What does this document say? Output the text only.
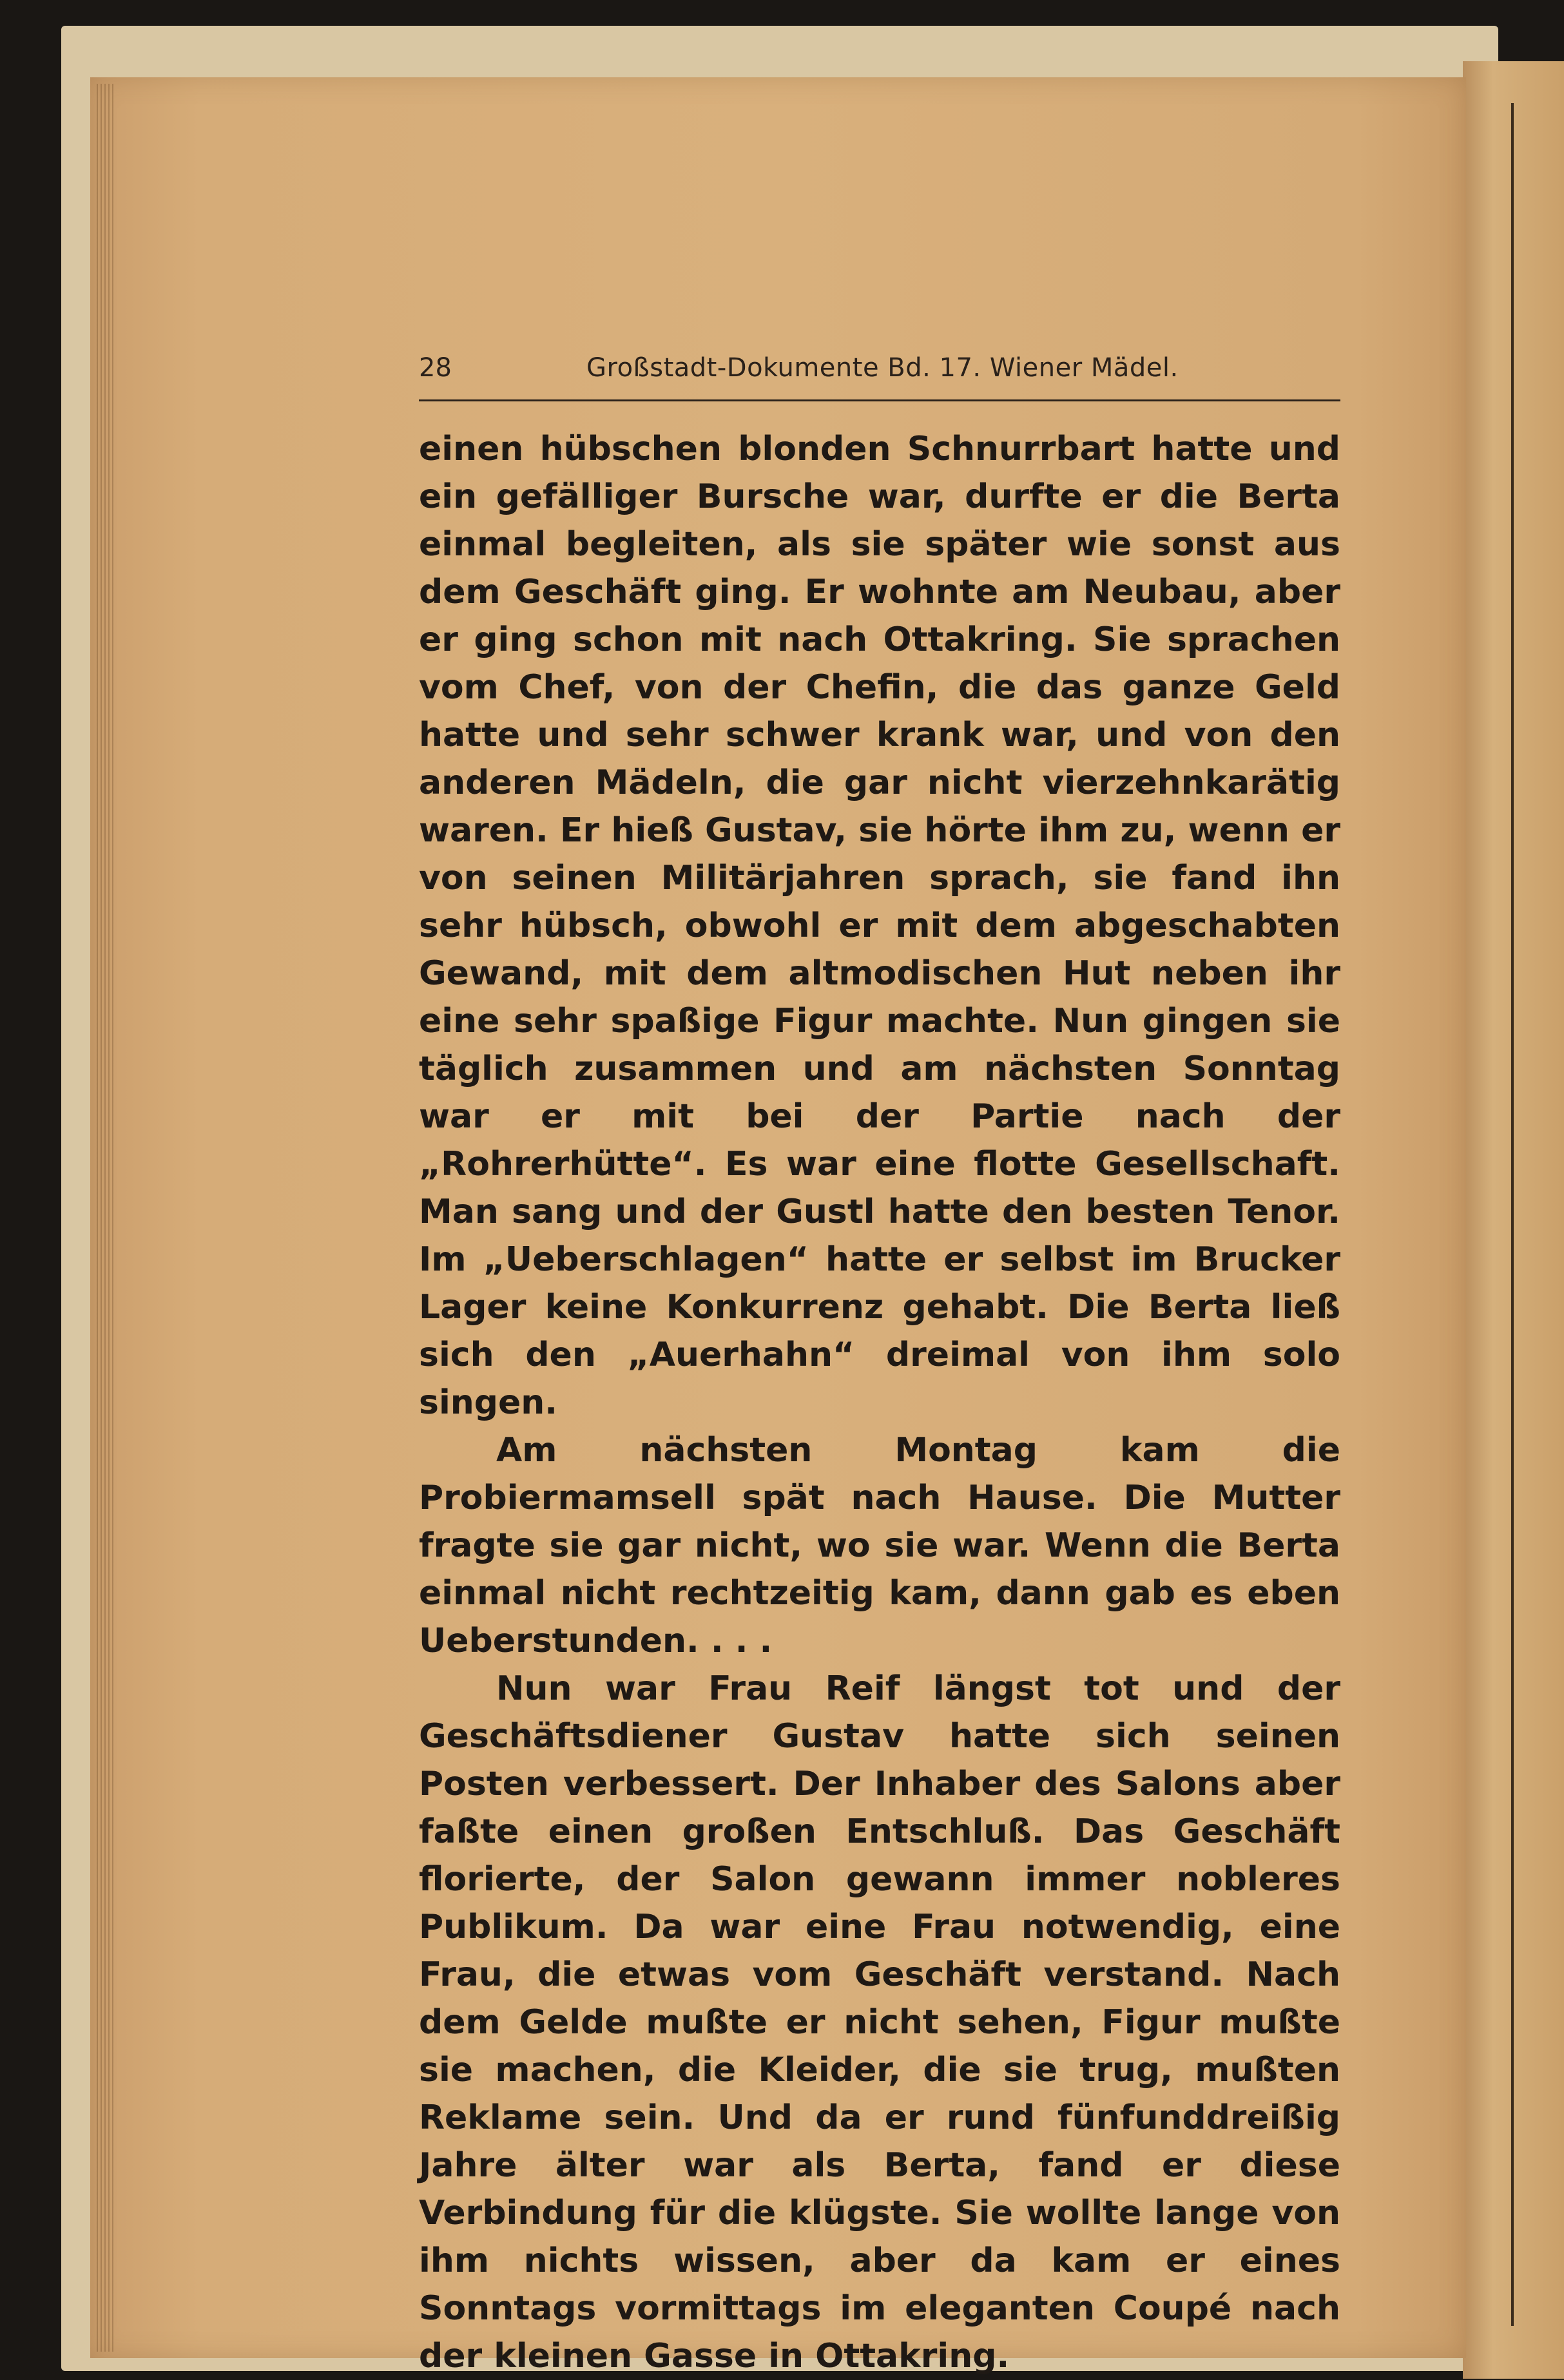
28	Großstadt-Dokumente Bd. 17. Wiener Mädel.

einen hübschen blonden Schnurrbart hatte und ein gefälliger Bursche war, durfte er die Berta einmal begleiten, als sie später wie sonst aus dem Geschäft ging. Er wohnte am Neubau, aber er ging schon mit nach Ottakring. Sie sprachen vom Chef, von der Chefin, die das ganze Geld hatte und sehr schwer krank war, und von den anderen Mädeln, die gar nicht vierzehnkarätig waren. Er hieß Gustav, sie hörte ihm zu, wenn er von seinen Militärjahren sprach, sie fand ihn sehr hübsch, obwohl er mit dem abgeschabten Gewand, mit dem altmodischen Hut neben ihr eine sehr spaßige Figur machte. Nun gingen sie täglich zusammen und am nächsten Sonntag war er mit bei der Partie nach der „Rohrerhütte“. Es war eine flotte Gesellschaft. Man sang und der Gustl hatte den besten Tenor. Im „Ueberschlagen“ hatte er selbst im Brucker Lager keine Konkurrenz gehabt. Die Berta ließ sich den „Auerhahn“ dreimal von ihm solo singen.

Am nächsten Montag kam die Probiermamsell spät nach Hause. Die Mutter fragte sie gar nicht, wo sie war. Wenn die Berta einmal nicht rechtzeitig kam, dann gab es eben Ueberstunden. . . .

Nun war Frau Reif längst tot und der Geschäftsdiener Gustav hatte sich seinen Posten verbessert. Der Inhaber des Salons aber faßte einen großen Entschluß. Das Geschäft florierte, der Salon gewann immer nobleres Publikum. Da war eine Frau notwendig, eine Frau, die etwas vom Geschäft verstand. Nach dem Gelde mußte er nicht sehen, Figur mußte sie machen, die Kleider, die sie trug, mußten Reklame sein. Und da er rund fünfunddreißig Jahre älter war als Berta, fand er diese Verbindung für die klügste. Sie wollte lange von ihm nichts wissen, aber da kam er eines Sonntags vormittags im eleganten Coupé nach der kleinen Gasse in Ottakring.
